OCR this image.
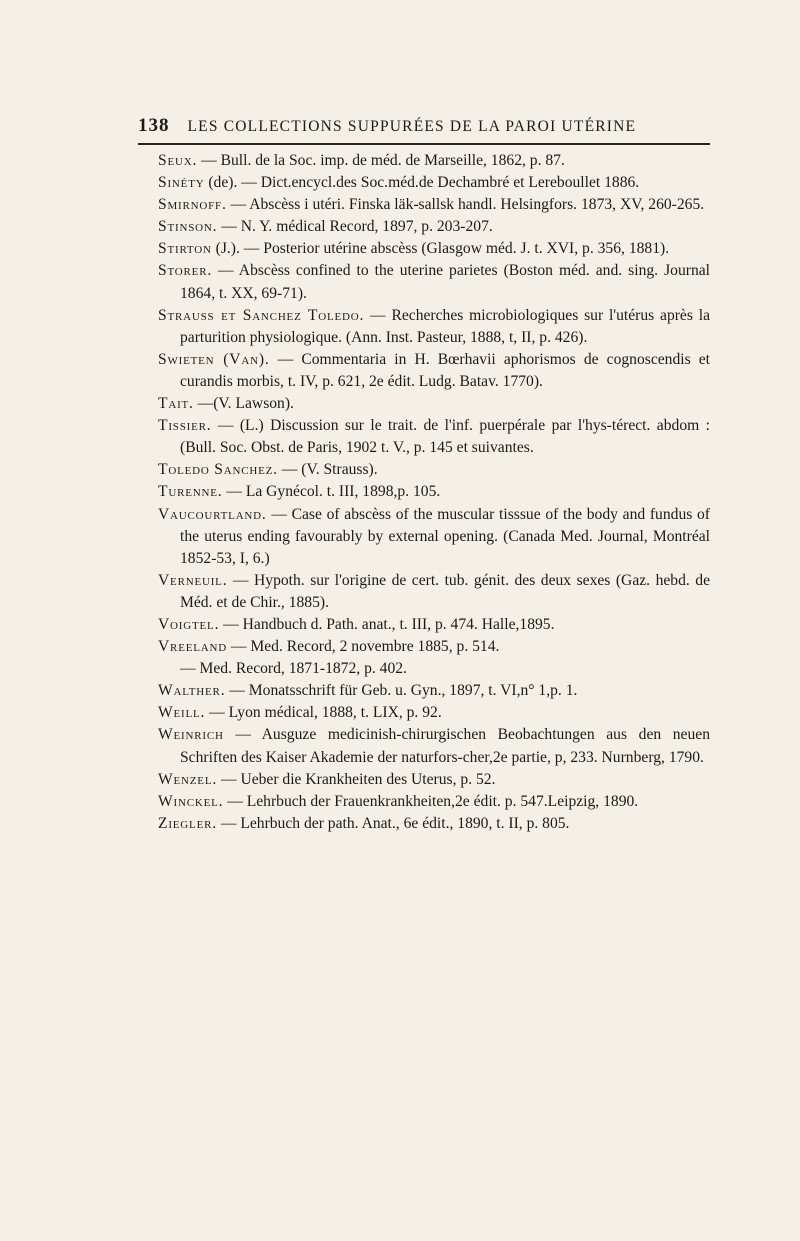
138 LES COLLECTIONS SUPPURÉES DE LA PAROI UTÉRINE

Seux. — Bull. de la Soc. imp. de méd. de Marseille, 1862, p. 87.

Sinéty (de). — Dict.encycl.des Soc.méd.de Dechambré et Lereboullet 1886.

Smirnoff. — Abscèss i utéri. Finska läk-sallsk handl. Helsingfors. 1873, XV, 260-265.

Stinson. — N. Y. médical Record, 1897, p. 203-207.

Stirton (J.). — Posterior utérine abscèss (Glasgow méd. J. t. XVI, p. 356, 1881).

Storer. — Abscèss confined to the uterine parietes (Boston méd. and. sing. Journal 1864, t. XX, 69-71).

Strauss et Sanchez Toledo. — Recherches microbiologiques sur l'utérus après la parturition physiologique. (Ann. Inst. Pasteur, 1888, t, II, p. 426).

Swieten (Van). — Commentaria in H. Bœrhavii aphorismos de cognoscendis et curandis morbis, t. IV, p. 621, 2e édit. Ludg. Batav. 1770).

Tait. —(V. Lawson).

Tissier. — (L.) Discussion sur le trait. de l'inf. puerpérale par l'hys-térect. abdom : (Bull. Soc. Obst. de Paris, 1902 t. V., p. 145 et suivantes.

Toledo Sanchez. — (V. Strauss).

Turenne. — La Gynécol. t. III, 1898,p. 105.

Vaucourtland. — Case of abscèss of the muscular tisssue of the body and fundus of the uterus ending favourably by external opening. (Canada Med. Journal, Montréal 1852-53, I, 6.)

Verneuil. — Hypoth. sur l'origine de cert. tub. génit. des deux sexes (Gaz. hebd. de Méd. et de Chir., 1885).

Voigtel. — Handbuch d. Path. anat., t. III, p. 474. Halle,1895.

Vreeland — Med. Record, 2 novembre 1885, p. 514.

— Med. Record, 1871-1872, p. 402.

Walther. — Monatsschrift für Geb. u. Gyn., 1897, t. VI,n° 1,p. 1.

Weill. — Lyon médical, 1888, t. LIX, p. 92.

Weinrich — Ausguze medicinish-chirurgischen Beobachtungen aus den neuen Schriften des Kaiser Akademie der naturfors-cher,2e partie, p, 233. Nurnberg, 1790.

Wenzel. — Ueber die Krankheiten des Uterus, p. 52.

Winckel. — Lehrbuch der Frauenkrankheiten,2e édit. p. 547.Leipzig, 1890.

Ziegler. — Lehrbuch der path. Anat., 6e édit., 1890, t. II, p. 805.
